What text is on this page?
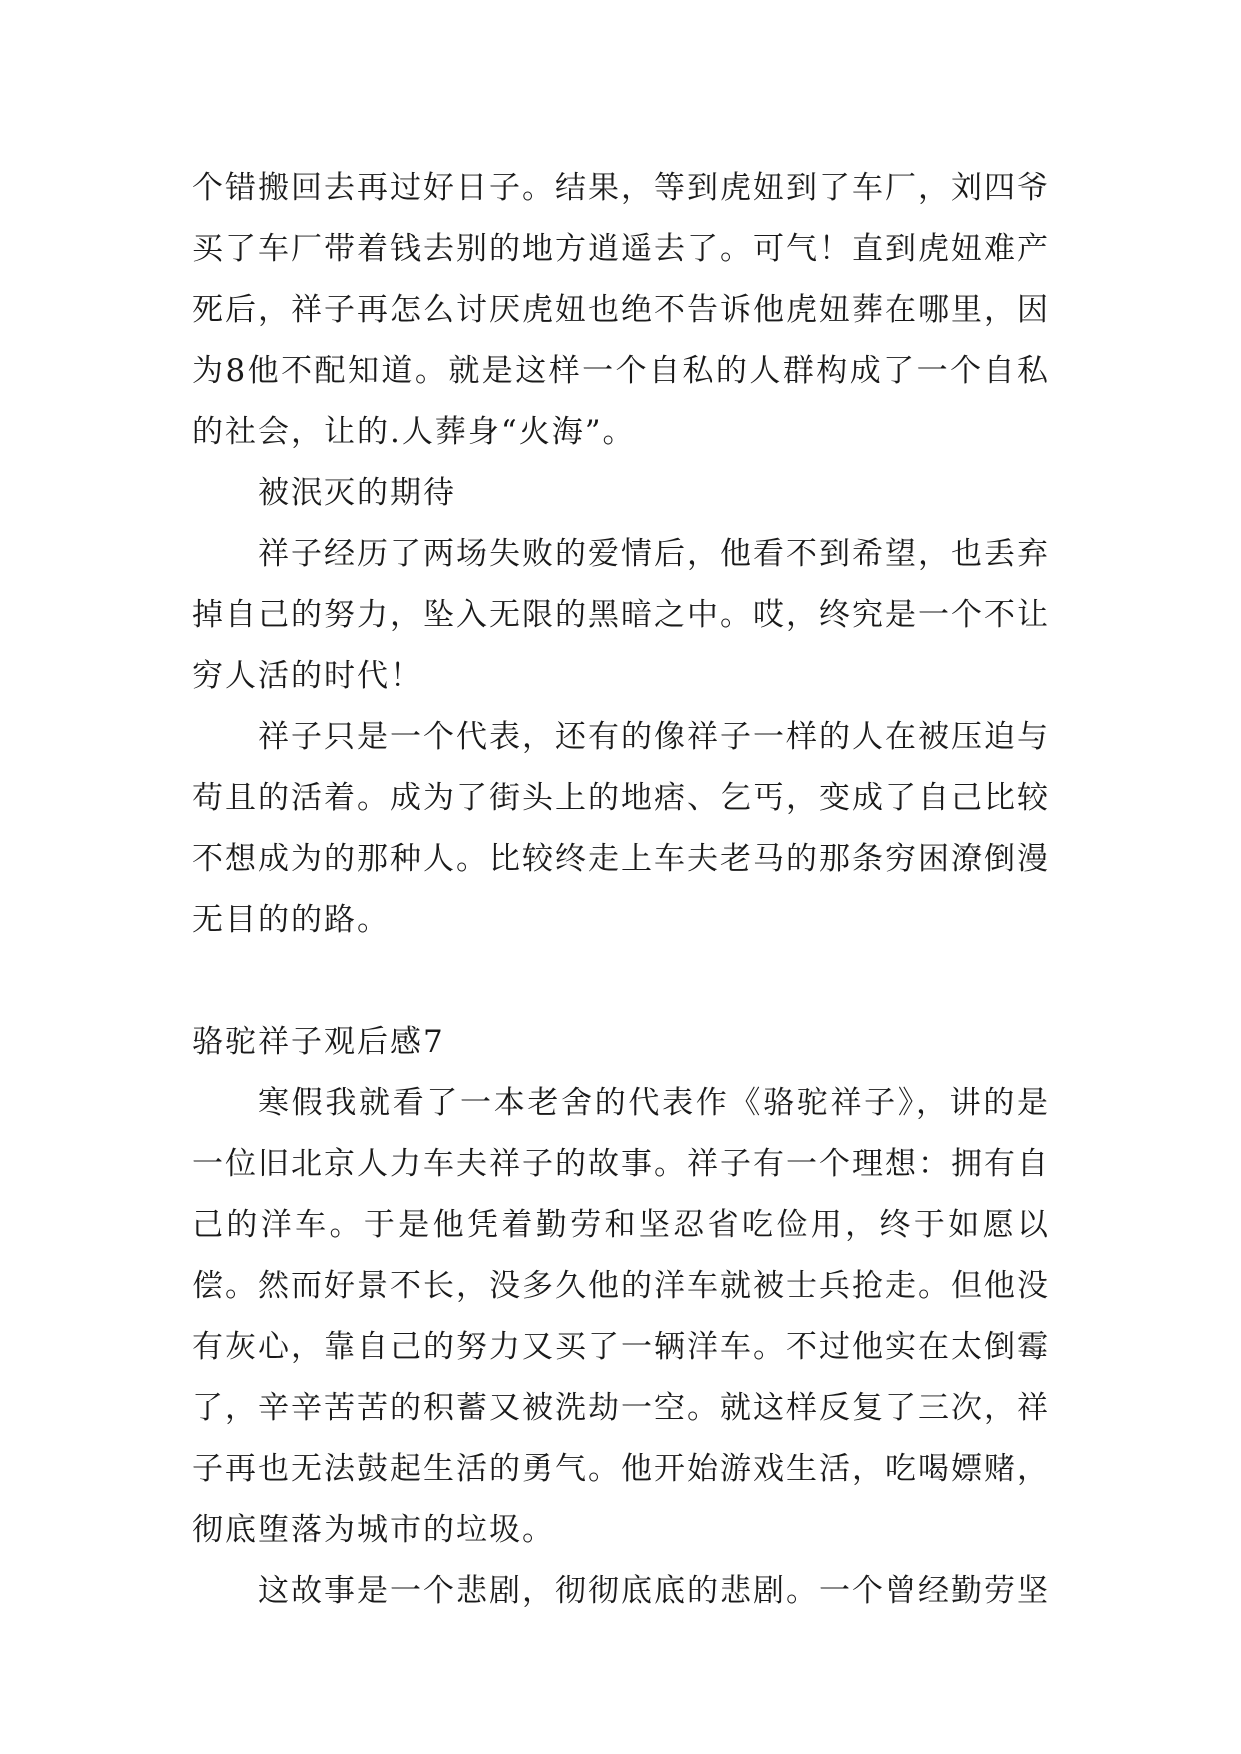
个错搬回去再过好日子。结果，等到虎妞到了车厂，刘四爷买了车厂带着钱去别的地方逍遥去了。可气！直到虎妞难产死后，祥子再怎么讨厌虎妞也绝不告诉他虎妞葬在哪里，因为8他不配知道。就是这样一个自私的人群构成了一个自私的社会，让的.人葬身“火海”。

被泯灭的期待

祥子经历了两场失败的爱情后，他看不到希望，也丢弃掉自己的努力，坠入无限的黑暗之中。哎，终究是一个不让穷人活的时代！

祥子只是一个代表，还有的像祥子一样的人在被压迫与苟且的活着。成为了街头上的地痞、乞丐，变成了自己比较不想成为的那种人。比较终走上车夫老马的那条穷困潦倒漫无目的的路。

骆驼祥子观后感7

寒假我就看了一本老舍的代表作《骆驼祥子》，讲的是一位旧北京人力车夫祥子的故事。祥子有一个理想：拥有自己的洋车。于是他凭着勤劳和坚忍省吃俭用，终于如愿以偿。然而好景不长，没多久他的洋车就被士兵抢走。但他没有灰心，靠自己的努力又买了一辆洋车。不过他实在太倒霉了，辛辛苦苦的积蓄又被洗劫一空。就这样反复了三次，祥子再也无法鼓起生活的勇气。他开始游戏生活，吃喝嫖赌，彻底堕落为城市的垃圾。

这故事是一个悲剧，彻彻底底的悲剧。一个曾经勤劳坚
